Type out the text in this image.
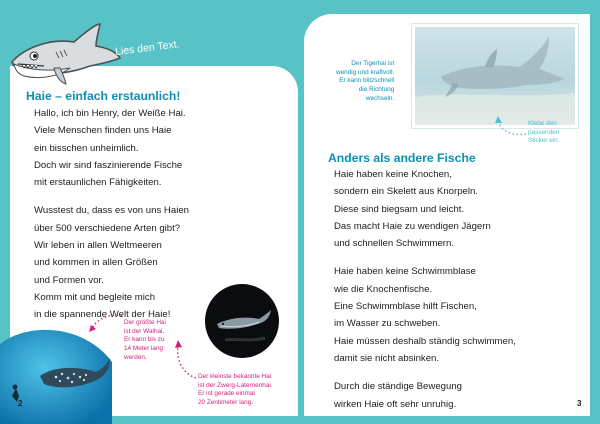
Lies den Text.
Haie – einfach erstaunlich!
Hallo, ich bin Henry, der Weiße Hai.
Viele Menschen finden uns Haie
ein bisschen unheimlich.
Doch wir sind faszinierende Fische
mit erstaunlichen Fähigkeiten.
Wusstest du, dass es von uns Haien
über 500 verschiedene Arten gibt?
Wir leben in allen Weltmeeren
und kommen in allen Größen
und Formen vor.
Komm mit und begleite mich
in die spannende Welt der Haie!
Der größte Hai
ist der Walhai.
Er kann bis zu
14 Meter lang
werden.
Der kleinste bekannte Hai
ist der Zwerg-Laternenhai.
Er ist gerade einmal
20 Zentimeter lang.
2
Der Tigerhai ist
wendig und kraftvoll.
Er kann blitzschnell
die Richtung
wechseln.
Klebe den
passenden
Sticker ein.
Anders als andere Fische
Haie haben keine Knochen,
sondern ein Skelett aus Knorpeln.
Diese sind biegsam und leicht.
Das macht Haie zu wendigen Jägern
und schnellen Schwimmern.
Haie haben keine Schwimmblase
wie die Knochenfische.
Eine Schwimmblase hilft Fischen,
im Wasser zu schweben.
Haie müssen deshalb ständig schwimmen,
damit sie nicht absinken.
Durch die ständige Bewegung
wirken Haie oft sehr unruhig.	3
